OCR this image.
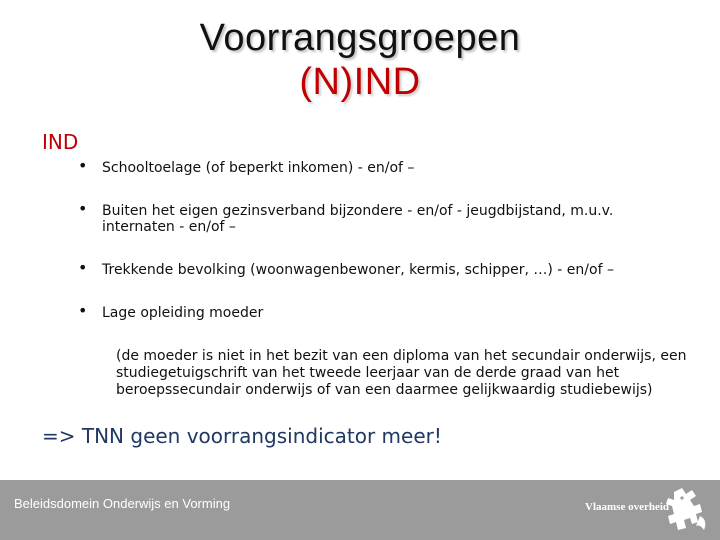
Voorrangsgroepen
(N)IND
IND
• Schooltoelage (of beperkt inkomen) - en/of –
• Buiten het eigen gezinsverband bijzondere - en/of - jeugdbijstand, m.u.v. internaten - en/of –
• Trekkende bevolking (woonwagenbewoner, kermis, schipper, …) - en/of –
• Lage opleiding moeder
(de moeder is niet in het bezit van een diploma van het secundair onderwijs, een studiegetuigschrift van het tweede leerjaar van de derde graad van het beroepssecundair onderwijs of van een daarmee gelijkwaardig studiebewijs)
=> TNN geen voorrangsindicator meer!
Beleidsdomein Onderwijs en Vorming	Vlaamse overheid
